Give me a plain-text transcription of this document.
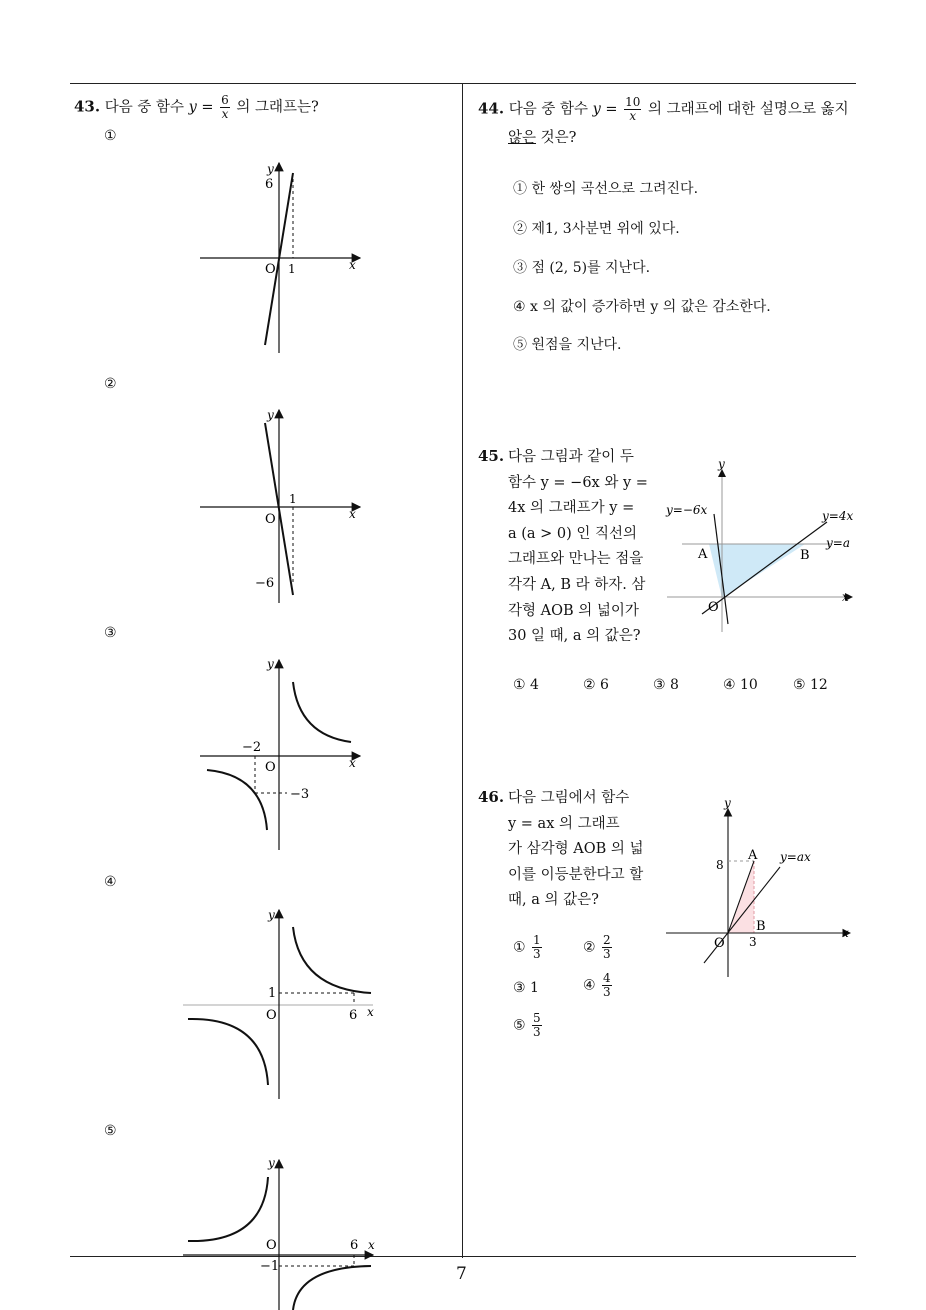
7
43. 다음 중 함수 $y = \frac{6}{x}$ 의 그래프는?
①
②
③
④
⑤
y
6
O 1	x
y
1
O
−6
x
y
−2
O
−3
x
y
1
O	6 x
y
O	6 x
−1
44. 다음 중 함수 $y = \frac{10}{x}$ 의 그래프에 대한 설명으로 옳지
않은 것은?
① 한 쌍의 곡선으로 그려진다.
② 제1, 3사분면 위에 있다.
③ 점 (2, 5)를 지난다.
④ x 의 값이 증가하면 y 의 값은 감소한다.
⑤ 원점을 지난다.
45. 다음 그림과 같이 두
함수 y = −6x 와 y =
4x 의 그래프가 y =
a (a > 0) 인 직선의
그래프와 만나는 점을
각각 A, B 라 하자. 삼
각형 AOB 의 넓이가
30 일 때, a 의 값은?
y
x
y=−6x	y=4x
y=a
A	B
O
① 4	② 6	③ 8	④ 10	⑤ 12
46. 다음 그림에서 함수
y = ax 의 그래프
가 삼각형 AOB 의 넓
이를 이등분한다고 할
때, a 의 값은?
y
x
8
3
A
B
O
y=ax
① $\frac{1}{3}$	② $\frac{2}{3}$
③ 1	④ $\frac{4}{3}$
⑤ $\frac{5}{3}$
